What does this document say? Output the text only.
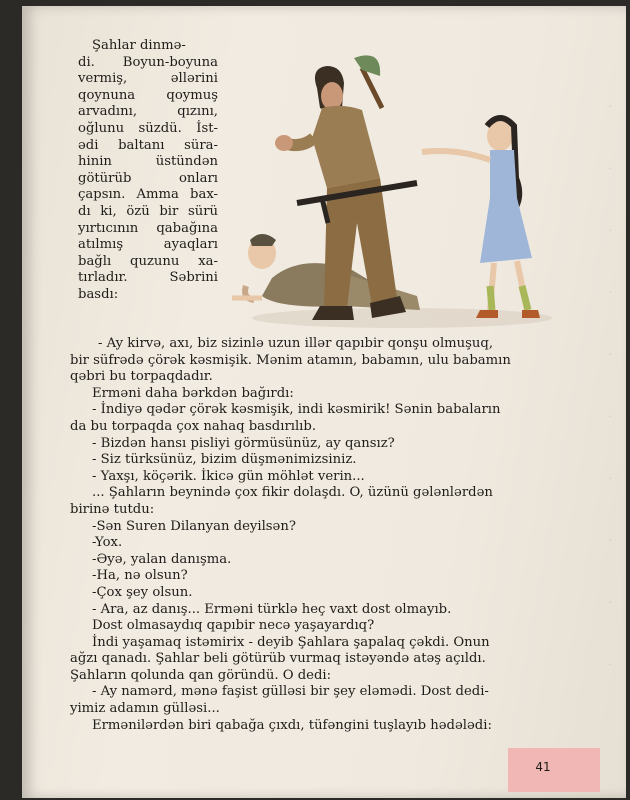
·
·
·
·
·
·
·
·
·
·
Şahlar dinmə-
di. Boyun-boyuna
vermiş, əllərini
qoynuna qoymuş
arvadını, qızını,
oğlunu süzdü. İst-
ədi baltanı süra-
hinin üstündən
götürüb onları
çapsın. Amma bax-
dı ki, özü bir sürü
yırtıcının qabağına
atılmış ayaqları
bağlı quzunu xa-
tırladır. Səbrini
basdı:

- Ay kirvə, axı, biz sizinlə uzun illər qapıbir qonşu olmuşuq,

bir süfrədə çörək kəsmişik. Mənim atamın, babamın, ulu babamın

qəbri bu torpaqdadır.

Erməni daha bərkdən bağırdı:

- İndiyə qədər çörək kəsmişik, indi kəsmirik! Sənin babaların

da bu torpaqda çox nahaq basdırılıb.

- Bizdən hansı pisliyi görmüsünüz, ay qansız?

- Siz türksünüz, bizim düşmənimizsiniz.

- Yaxşı, köçərik. İkicə gün möhlət verin...

... Şahların beynində çox fikir dolaşdı. O, üzünü gələnlərdən

birinə tutdu:

-Sən Suren Dilanyan deyilsən?

-Yox.

-Əyə, yalan danışma.

-Ha, nə olsun?

-Çox şey olsun.

- Ara, az danış... Erməni türklə heç vaxt dost olmayıb.

Dost olmasaydıq qapıbir necə yaşayardıq?

İndi yaşamaq istəmirix - deyib Şahlara şapalaq çəkdi. Onun

ağzı qanadı. Şahlar beli götürüb vurmaq istəyəndə atəş açıldı.

Şahların qolunda qan göründü. O dedi:

- Ay namərd, mənə faşist gülləsi bir şey eləmədi. Dost dedi-

yimiz adamın gülləsi...

Ermənilərdən biri qabağa çıxdı, tüfəngini tuşlayıb hədələdi:

41
